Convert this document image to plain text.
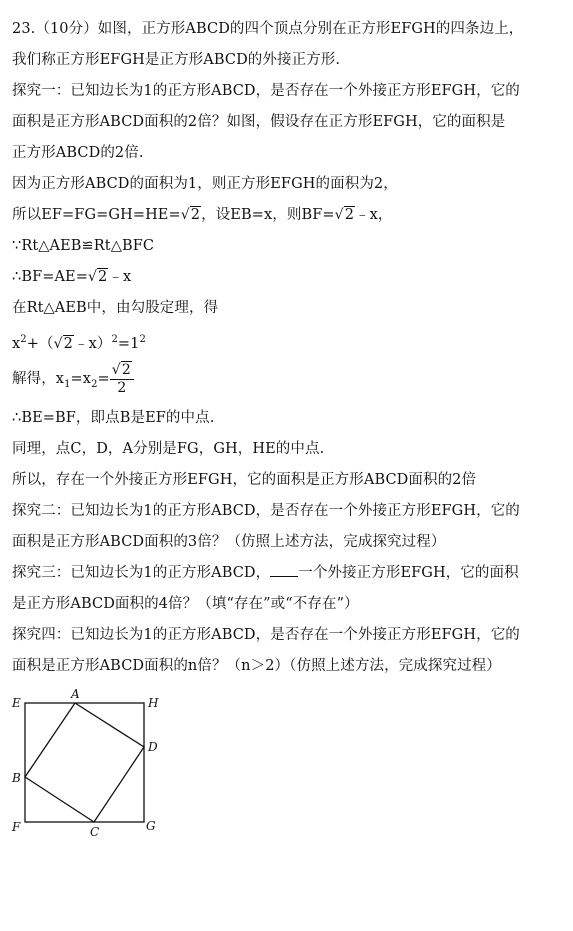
23.（10分）如图，正方形ABCD的四个顶点分别在正方形EFGH的四条边上，
我们称正方形EFGH是正方形ABCD的外接正方形.
探究一：已知边长为1的正方形ABCD，是否存在一个外接正方形EFGH，它的
面积是正方形ABCD面积的2倍？如图，假设存在正方形EFGH，它的面积是
正方形ABCD的2倍.
因为正方形ABCD的面积为1，则正方形EFGH的面积为2，
所以EF=FG=GH=HE=√2，设EB=x，则BF=√2﹣x，
∵Rt△AEB≌Rt△BFC
∴BF=AE=√2﹣x
在Rt△AEB中，由勾股定理，得
$x^2+(√2﹣x)^2=1^2$
解得，$x_1=x_2= \frac{√2}{2}$
∴BE=BF，即点B是EF的中点.
同理，点C，D，A分别是FG，GH，HE的中点.
所以，存在一个外接正方形EFGH，它的面积是正方形ABCD面积的2倍
探究二：已知边长为1的正方形ABCD，是否存在一个外接正方形EFGH，它的
面积是正方形ABCD面积的3倍？（仿照上述方法，完成探究过程）
探究三：已知边长为1的正方形ABCD， 一个外接正方形EFGH，它的面积
是正方形ABCD面积的4倍？（填“存在”或“不存在”）
探究四：已知边长为1的正方形ABCD，是否存在一个外接正方形EFGH，它的
面积是正方形ABCD面积的n倍？（n＞2）（仿照上述方法，完成探究过程）
E	H
A
D
B
F	C	G
